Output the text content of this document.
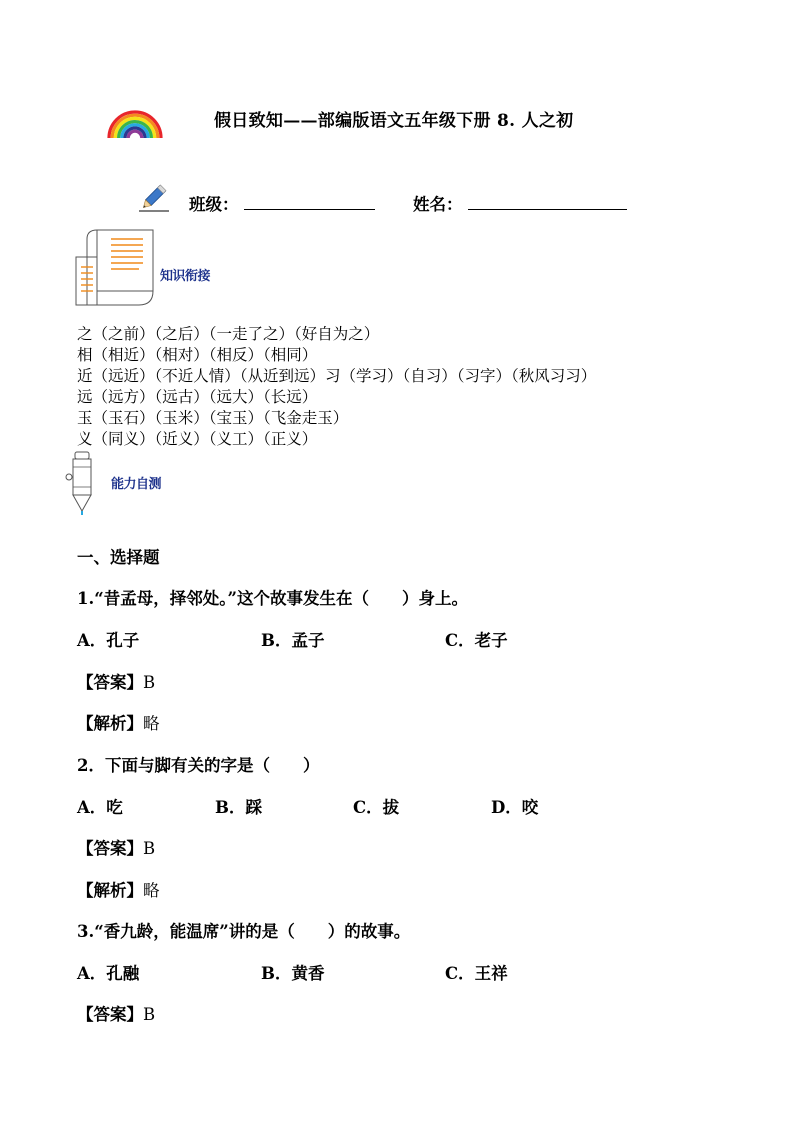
假日致知——部编版语文五年级下册 8. 人之初
班级：	姓名：
知识衔接
之（之前）（之后）（一走了之）（好自为之）
相（相近）（相对）（相反）（相同）
近（远近）（不近人情）（从近到远）习（学习）（自习）（习字）（秋风习习）
远（远方）（远古）（远大）（长远）
玉（玉石）（玉米）（宝玉）（飞金走玉）
义（同义）（近义）（义工）（正义）
能力自测
一、选择题
1.“昔孟母，择邻处。”这个故事发生在（　　）身上。
A．孔子	B．孟子	C．老子
【答案】B
【解析】略
2．下面与脚有关的字是（　　）
A．吃	B．踩	C．拔	D．咬
【答案】B
【解析】略
3.“香九龄，能温席”讲的是（　　）的故事。
A．孔融	B．黄香	C．王祥
【答案】B
